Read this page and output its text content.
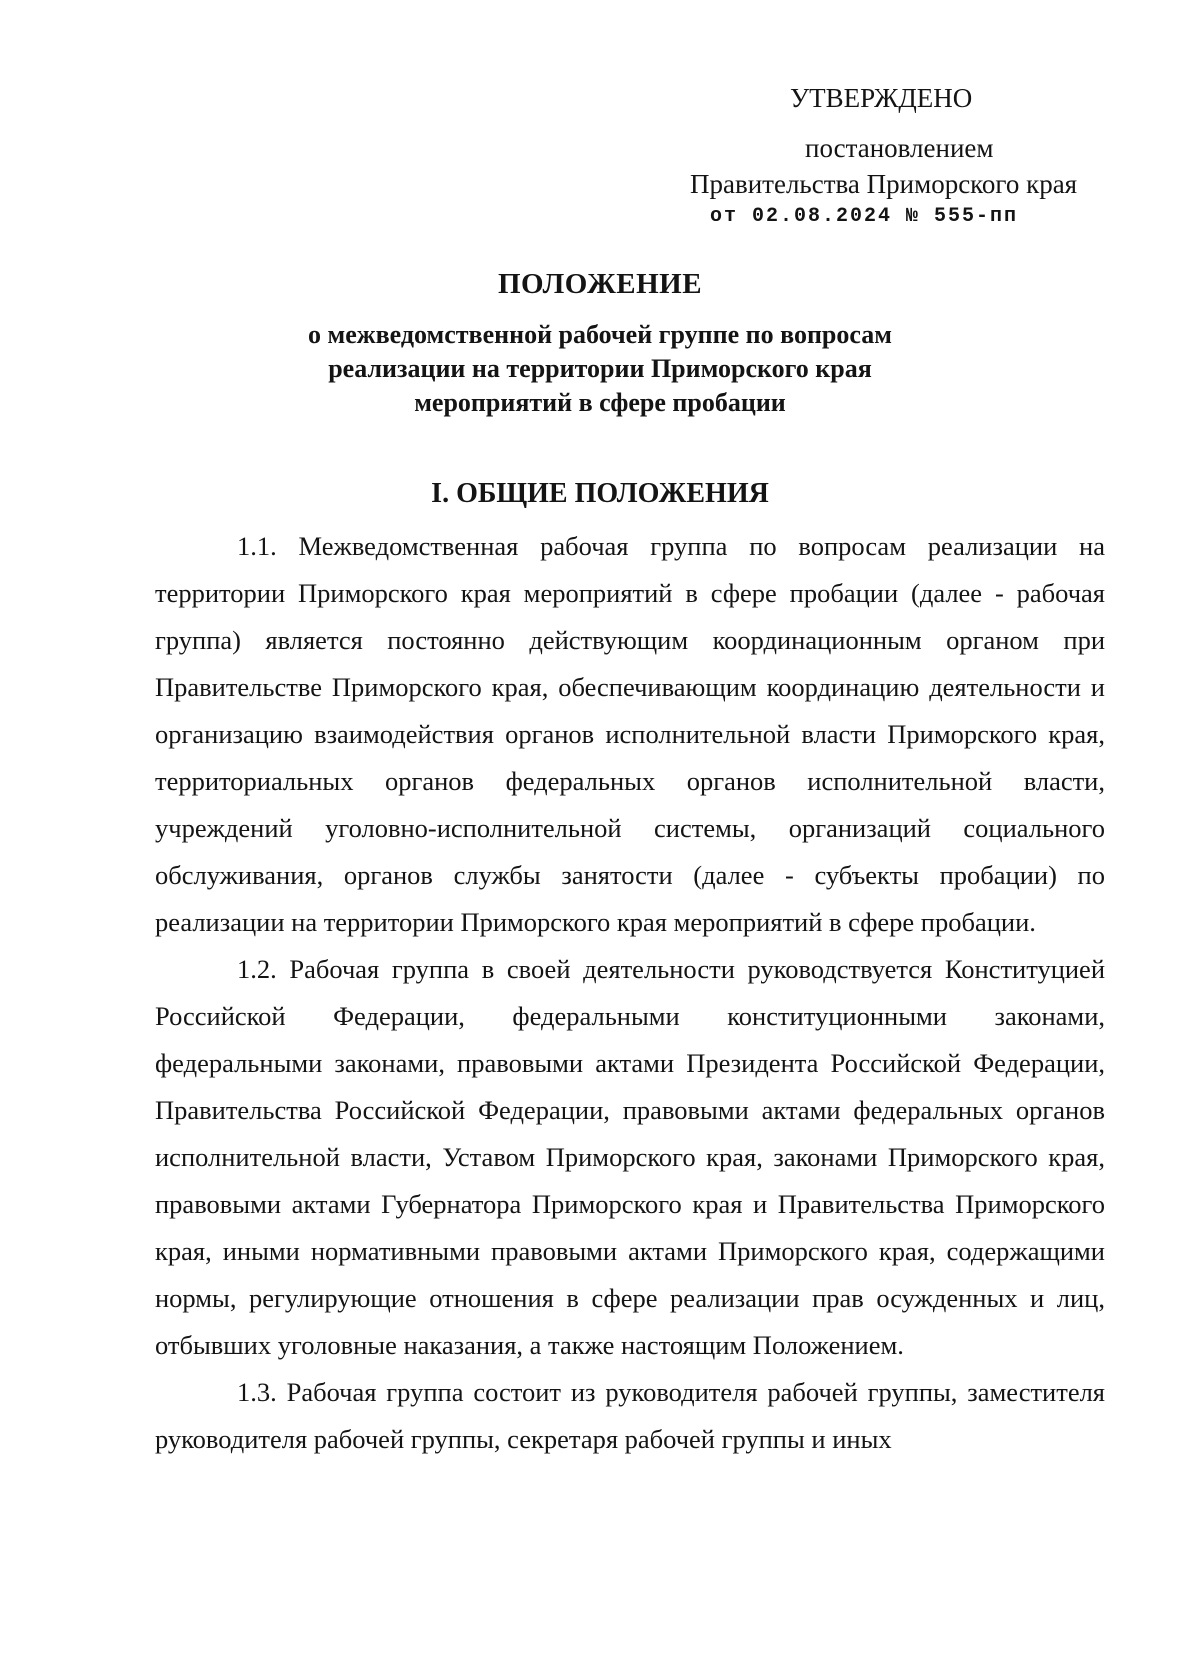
УТВЕРЖДЕНО
постановлением
Правительства Приморского края
от 02.08.2024 № 555-пп
ПОЛОЖЕНИЕ
о межведомственной рабочей группе по вопросам
реализации на территории Приморского края
мероприятий в сфере пробации
I. ОБЩИЕ ПОЛОЖЕНИЯ

1.1. Межведомственная рабочая группа по вопросам реализации на территории Приморского края мероприятий в сфере пробации (далее - рабочая группа) является постоянно действующим координационным органом при Правительстве Приморского края, обеспечивающим координацию деятельности и организацию взаимодействия органов исполнительной власти Приморского края, территориальных органов федеральных органов исполнительной власти, учреждений уголовно-исполнительной системы, организаций социального обслуживания, органов службы занятости (далее - субъекты пробации) по реализации на территории Приморского края мероприятий в сфере пробации.

1.2. Рабочая группа в своей деятельности руководствуется Конституцией Российской Федерации, федеральными конституционными законами, федеральными законами, правовыми актами Президента Российской Федерации, Правительства Российской Федерации, правовыми актами федеральных органов исполнительной власти, Уставом Приморского края, законами Приморского края, правовыми актами Губернатора Приморского края и Правительства Приморского края, иными нормативными правовыми актами Приморского края, содержащими нормы, регулирующие отношения в сфере реализации прав осужденных и лиц, отбывших уголовные наказания, а также настоящим Положением.

1.3. Рабочая группа состоит из руководителя рабочей группы, заместителя руководителя рабочей группы, секретаря рабочей группы и иных
